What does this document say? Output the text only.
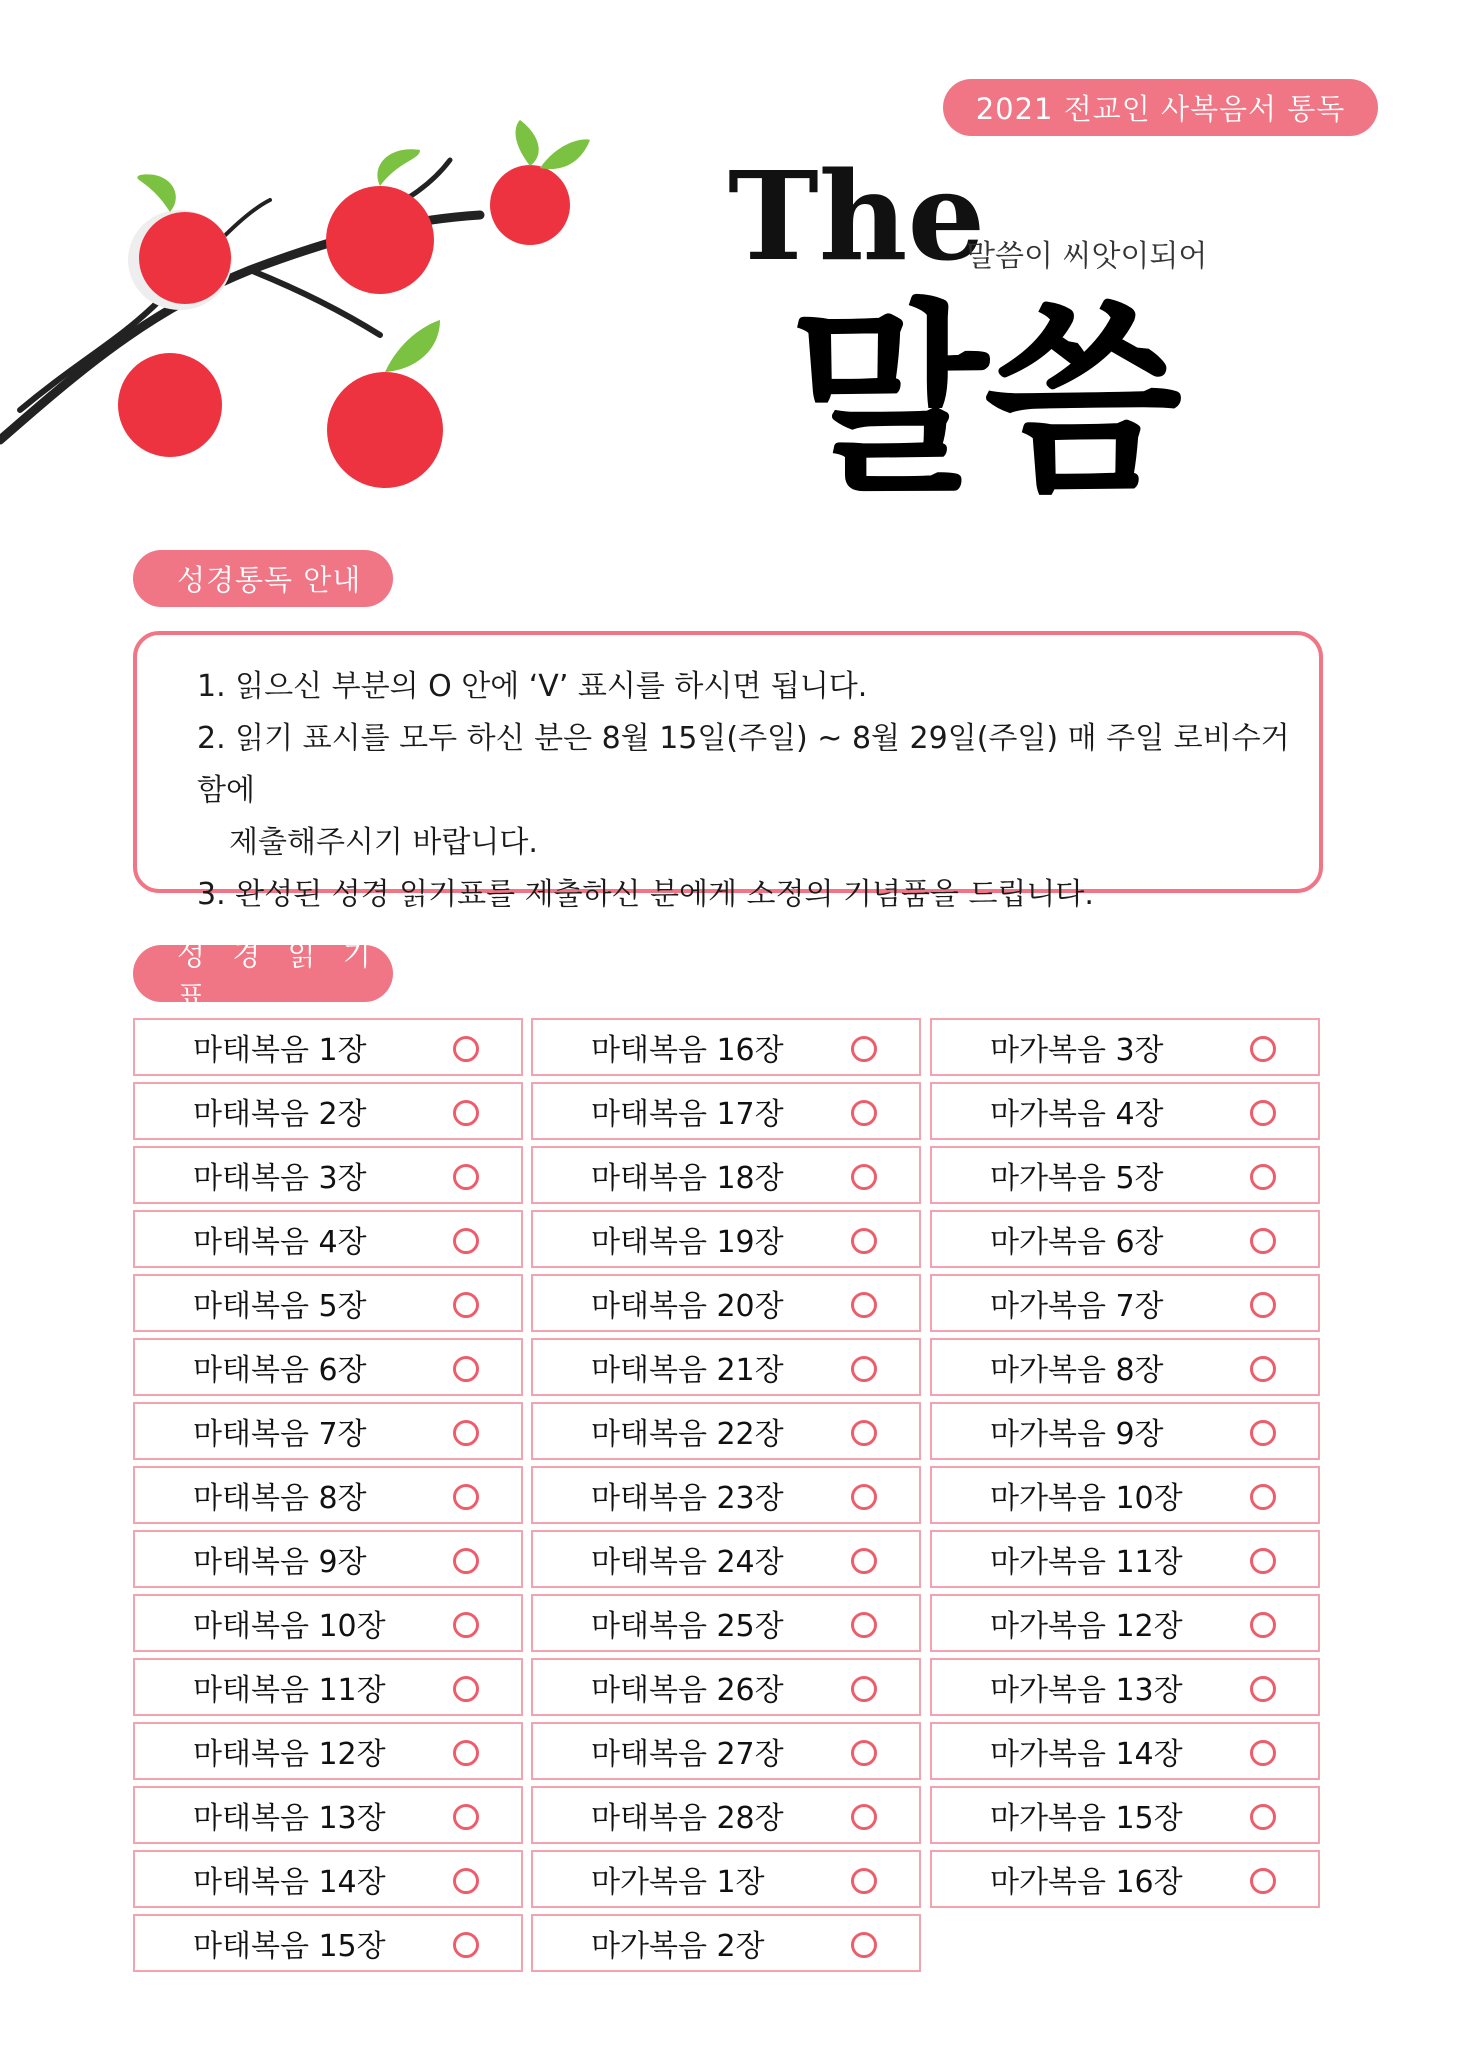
2021 전교인 사복음서 통독
The
말씀이 씨앗이되어
말씀
성경통독 안내

1. 읽으신 부분의 O 안에 ‘V’ 표시를 하시면 됩니다.

2. 읽기 표시를 모두 하신 분은 8월 15일(주일) ~ 8월 29일(주일) 매 주일 로비수거함에

제출해주시기 바랍니다.

3. 완성된 성경 읽기표를 제출하신 분에게 소정의 기념품을 드립니다.

성 경 읽 기 표
마태복음 1장
마태복음 2장
마태복음 3장
마태복음 4장
마태복음 5장
마태복음 6장
마태복음 7장
마태복음 8장
마태복음 9장
마태복음 10장
마태복음 11장
마태복음 12장
마태복음 13장
마태복음 14장
마태복음 15장
마태복음 16장
마태복음 17장
마태복음 18장
마태복음 19장
마태복음 20장
마태복음 21장
마태복음 22장
마태복음 23장
마태복음 24장
마태복음 25장
마태복음 26장
마태복음 27장
마태복음 28장
마가복음 1장
마가복음 2장
마가복음 3장
마가복음 4장
마가복음 5장
마가복음 6장
마가복음 7장
마가복음 8장
마가복음 9장
마가복음 10장
마가복음 11장
마가복음 12장
마가복음 13장
마가복음 14장
마가복음 15장
마가복음 16장
